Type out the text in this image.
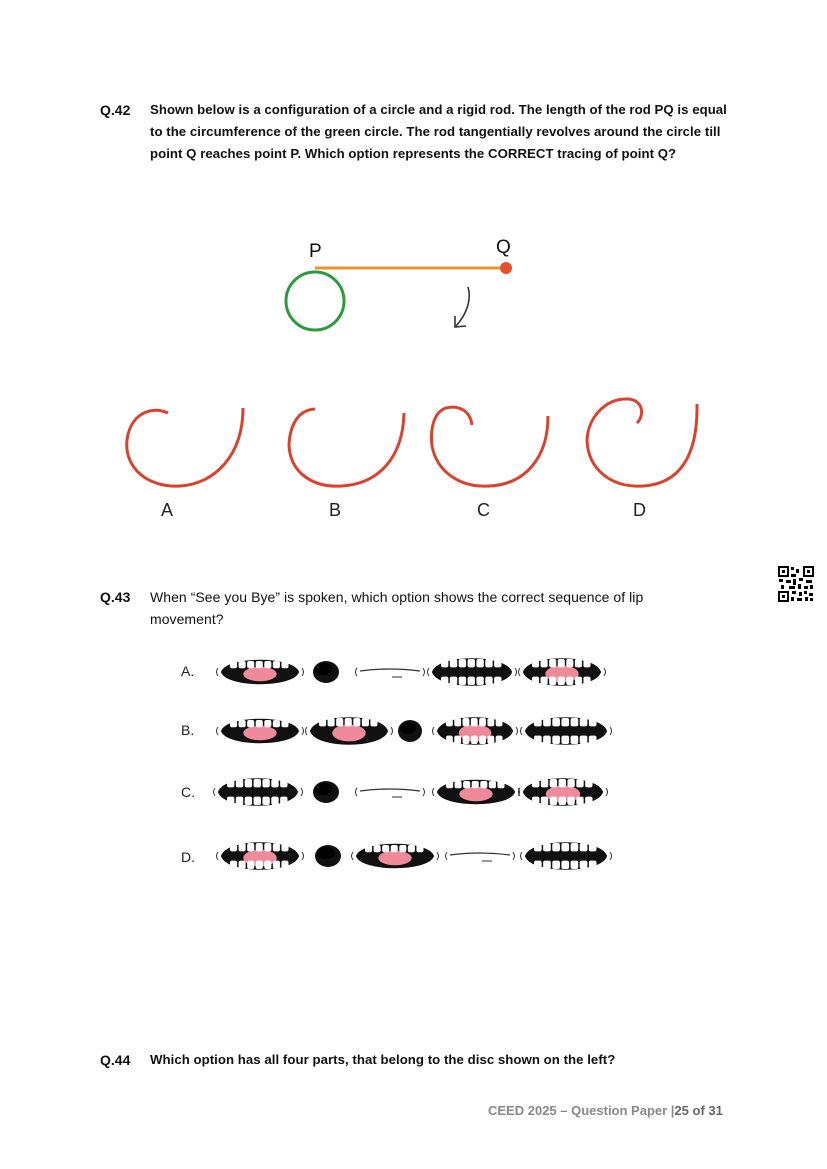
Q.42 Shown below is a configuration of a circle and a rigid rod. The length of the rod PQ is equal
to the circumference of the green circle. The rod tangentially revolves around the circle till
point Q reaches point P. Which option represents the CORRECT tracing of point Q?
P	Q
A	B	C	D
Q.43 When “See you Bye” is spoken, which option shows the correct sequence of lip
movement?
A.
B.
C.
D.
Q.44 Which option has all four parts, that belong to the disc shown on the left?
CEED 2025 – Question Paper |25 of 31
